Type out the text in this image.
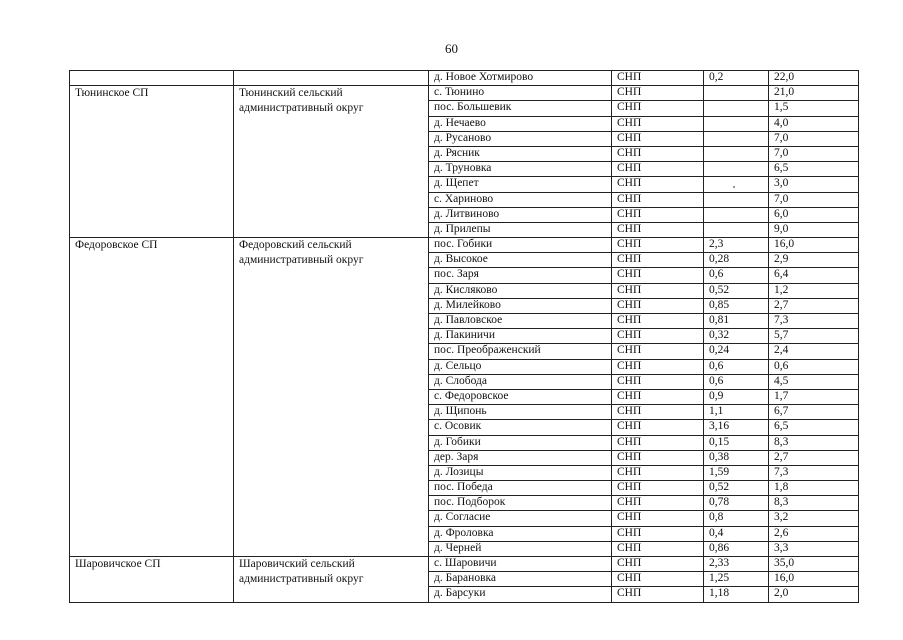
60
		д. Новое Хотмирово	СНП	0,2	22,0
Тюнинское СП	Тюнинский сельский административный округ	с. Тюнино	СНП		21,0
		пос. Большевик	СНП		1,5
		д. Нечаево	СНП		4,0
		д. Русаново	СНП		7,0
		д. Рясник	СНП		7,0
		д. Труновка	СНП		6,5
		д. Щепет	СНП		3,0
		с. Хариново	СНП		7,0
		д. Литвиново	СНП		6,0
		д. Прилепы	СНП		9,0
Федоровское СП	Федоровский сельский административный округ	пос. Гобики	СНП	2,3	16,0
		д. Высокое	СНП	0,28	2,9
		пос. Заря	СНП	0,6	6,4
		д. Кисляково	СНП	0,52	1,2
		д. Милейково	СНП	0,85	2,7
		д. Павловское	СНП	0,81	7,3
		д. Пакиничи	СНП	0,32	5,7
		пос. Преображенский	СНП	0,24	2,4
		д. Сельцо	СНП	0,6	0,6
		д. Слобода	СНП	0,6	4,5
		с. Федоровское	СНП	0,9	1,7
		д. Щипонь	СНП	1,1	6,7
		с. Осовик	СНП	3,16	6,5
		д. Гобики	СНП	0,15	8,3
		дер. Заря	СНП	0,38	2,7
		д. Лозицы	СНП	1,59	7,3
		пос. Победа	СНП	0,52	1,8
		пос. Подборок	СНП	0,78	8,3
		д. Согласие	СНП	0,8	3,2
		д. Фроловка	СНП	0,4	2,6
		д. Черней	СНП	0,86	3,3
Шаровичское СП	Шаровичский сельский административный округ	с. Шаровичи	СНП	2,33	35,0
		д. Барановка	СНП	1,25	16,0
		д. Барсуки	СНП	1,18	2,0
